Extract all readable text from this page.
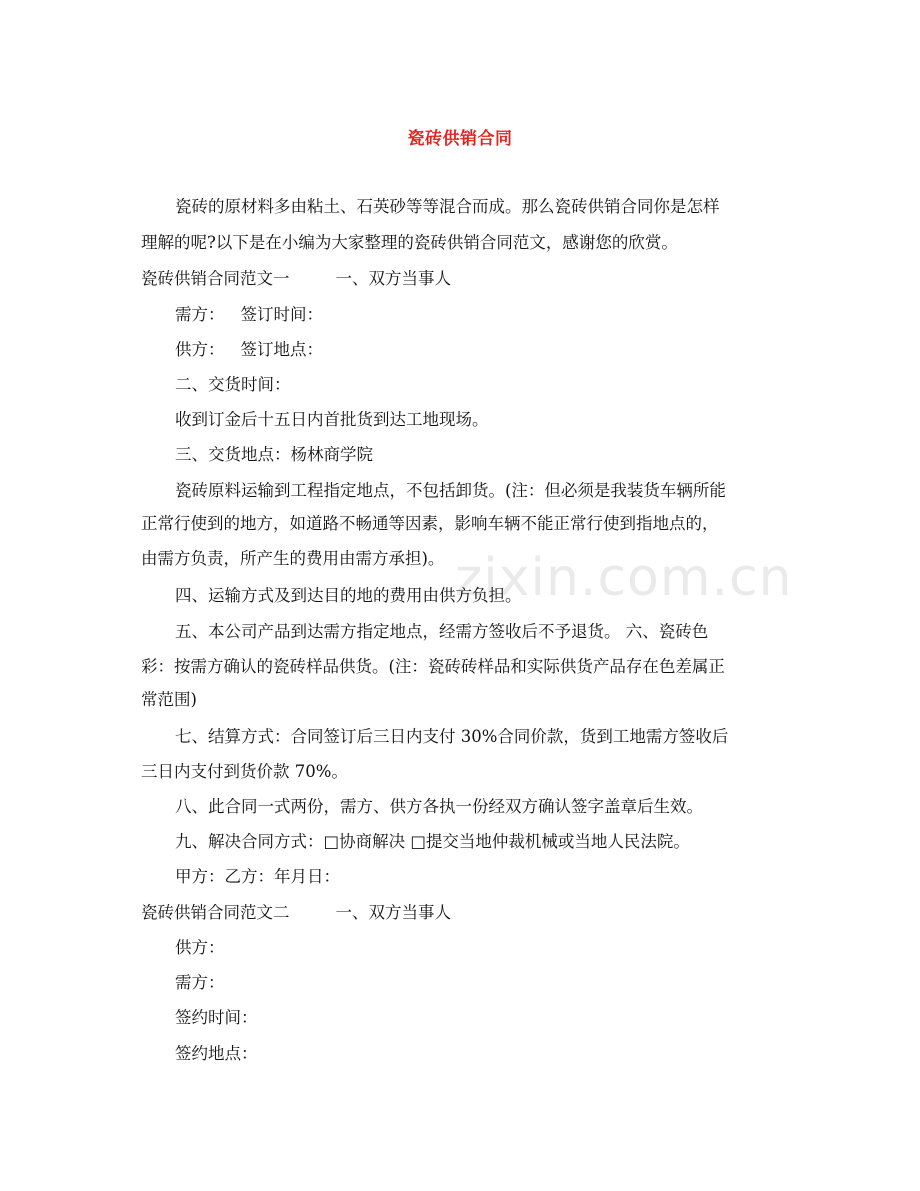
瓷砖供销合同
zixin.com.cn
瓷砖的原材料多由粘土、石英砂等等混合而成。那么瓷砖供销合同你是怎样
理解的呢?以下是在小编为大家整理的瓷砖供销合同范文，感谢您的欣赏。
瓷砖供销合同范文一	一、双方当事人
需方： 签订时间：
供方： 签订地点：
二、交货时间：
收到订金后十五日内首批货到达工地现场。
三、交货地点：杨林商学院
瓷砖原料运输到工程指定地点，不包括卸货。(注：但必须是我装货车辆所能
正常行使到的地方，如道路不畅通等因素，影响车辆不能正常行使到指地点的，
由需方负责，所产生的费用由需方承担)。
四、运输方式及到达目的地的费用由供方负担。
五、本公司产品到达需方指定地点，经需方签收后不予退货。 六、瓷砖色
彩：按需方确认的瓷砖样品供货。(注：瓷砖砖样品和实际供货产品存在色差属正
常范围)
七、结算方式：合同签订后三日内支付 30%合同价款，货到工地需方签收后
三日内支付到货价款 70%。
八、此合同一式两份，需方、供方各执一份经双方确认签字盖章后生效。
九、解决合同方式：□协商解决 □提交当地仲裁机械或当地人民法院。
甲方：乙方：年月日：
瓷砖供销合同范文二	一、双方当事人
供方：
需方：
签约时间：
签约地点：
